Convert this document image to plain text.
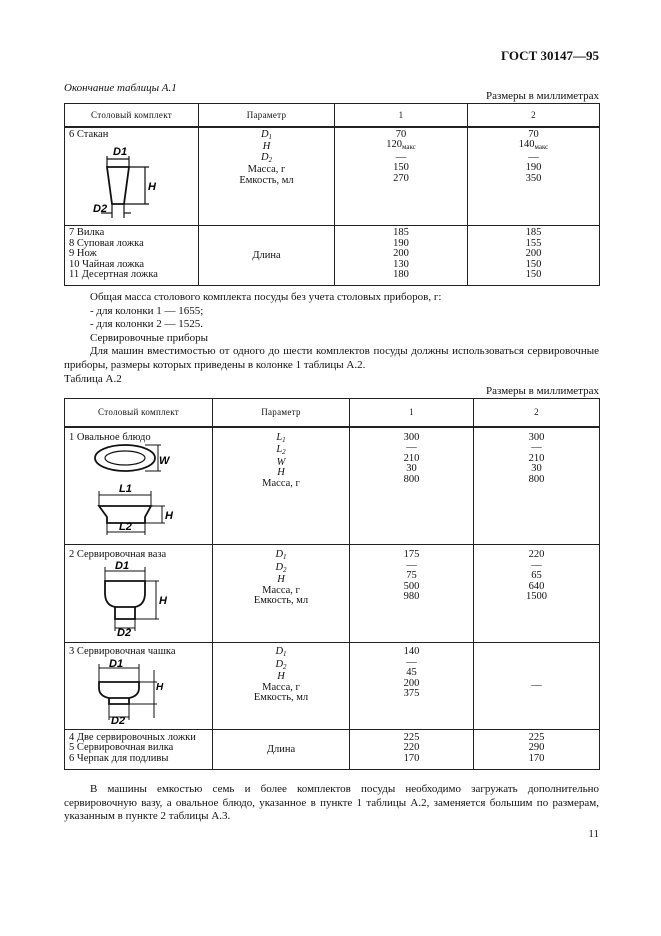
ГОСТ 30147—95
Окончание таблицы А.1
Размеры в миллиметрах
Столовый комплект	Параметр	1	2

6 Стакан
D1
H
D2	$D_1$
H
$D_2$
Масса, г
Емкость, мл	70
$120_{макс}$
—
150
270	70
$140_{макс}$
—
190
350

7 Вилка
8 Суповая ложка
9 Нож
10 Чайная ложка
11 Десертная ложка	Длина	185
190
200
130
180	185
155
200
150
150

Общая масса столового комплекта посуды без учета столовых приборов, г:

- для колонки 1 — 1655;

- для колонки 2 — 1525.

Сервировочные приборы

Для машин вместимостью от одного до шести комплектов посуды должны использоваться сервировочные приборы, размеры которых приведены в колонке 1 таблицы А.2.

Таблица А.2
Размеры в миллиметрах
Столовый комплект	Параметр	1	2

1 Овальное блюдо
W
L1
L2
H	$L_1$
$L_2$
W
H
Масса, г	300
—
210
30
800	300
—
210
30
800

2 Сервировочная ваза
D1
H
D2	$D_1$
$D_2$
H
Масса, г
Емкость, мл	175
—
75
500
980	220
—
65
640
1500

3 Сервировочная чашка
D1
H
D2	$D_1$
$D_2$
H
Масса, г
Емкость, мл	140
—
45
200
375	—

4 Две сервировочных ложки
5 Сервировочная вилка
6 Черпак для подливы	Длина	225
220
170	225
290
170

В машины емкостью семь и более комплектов посуды необходимо загружать дополнительно сервировочную вазу, а овальное блюдо, указанное в пункте 1 таблицы А.2, заменяется большим по размерам, указанным в пункте 2 таблицы А.3.

11
